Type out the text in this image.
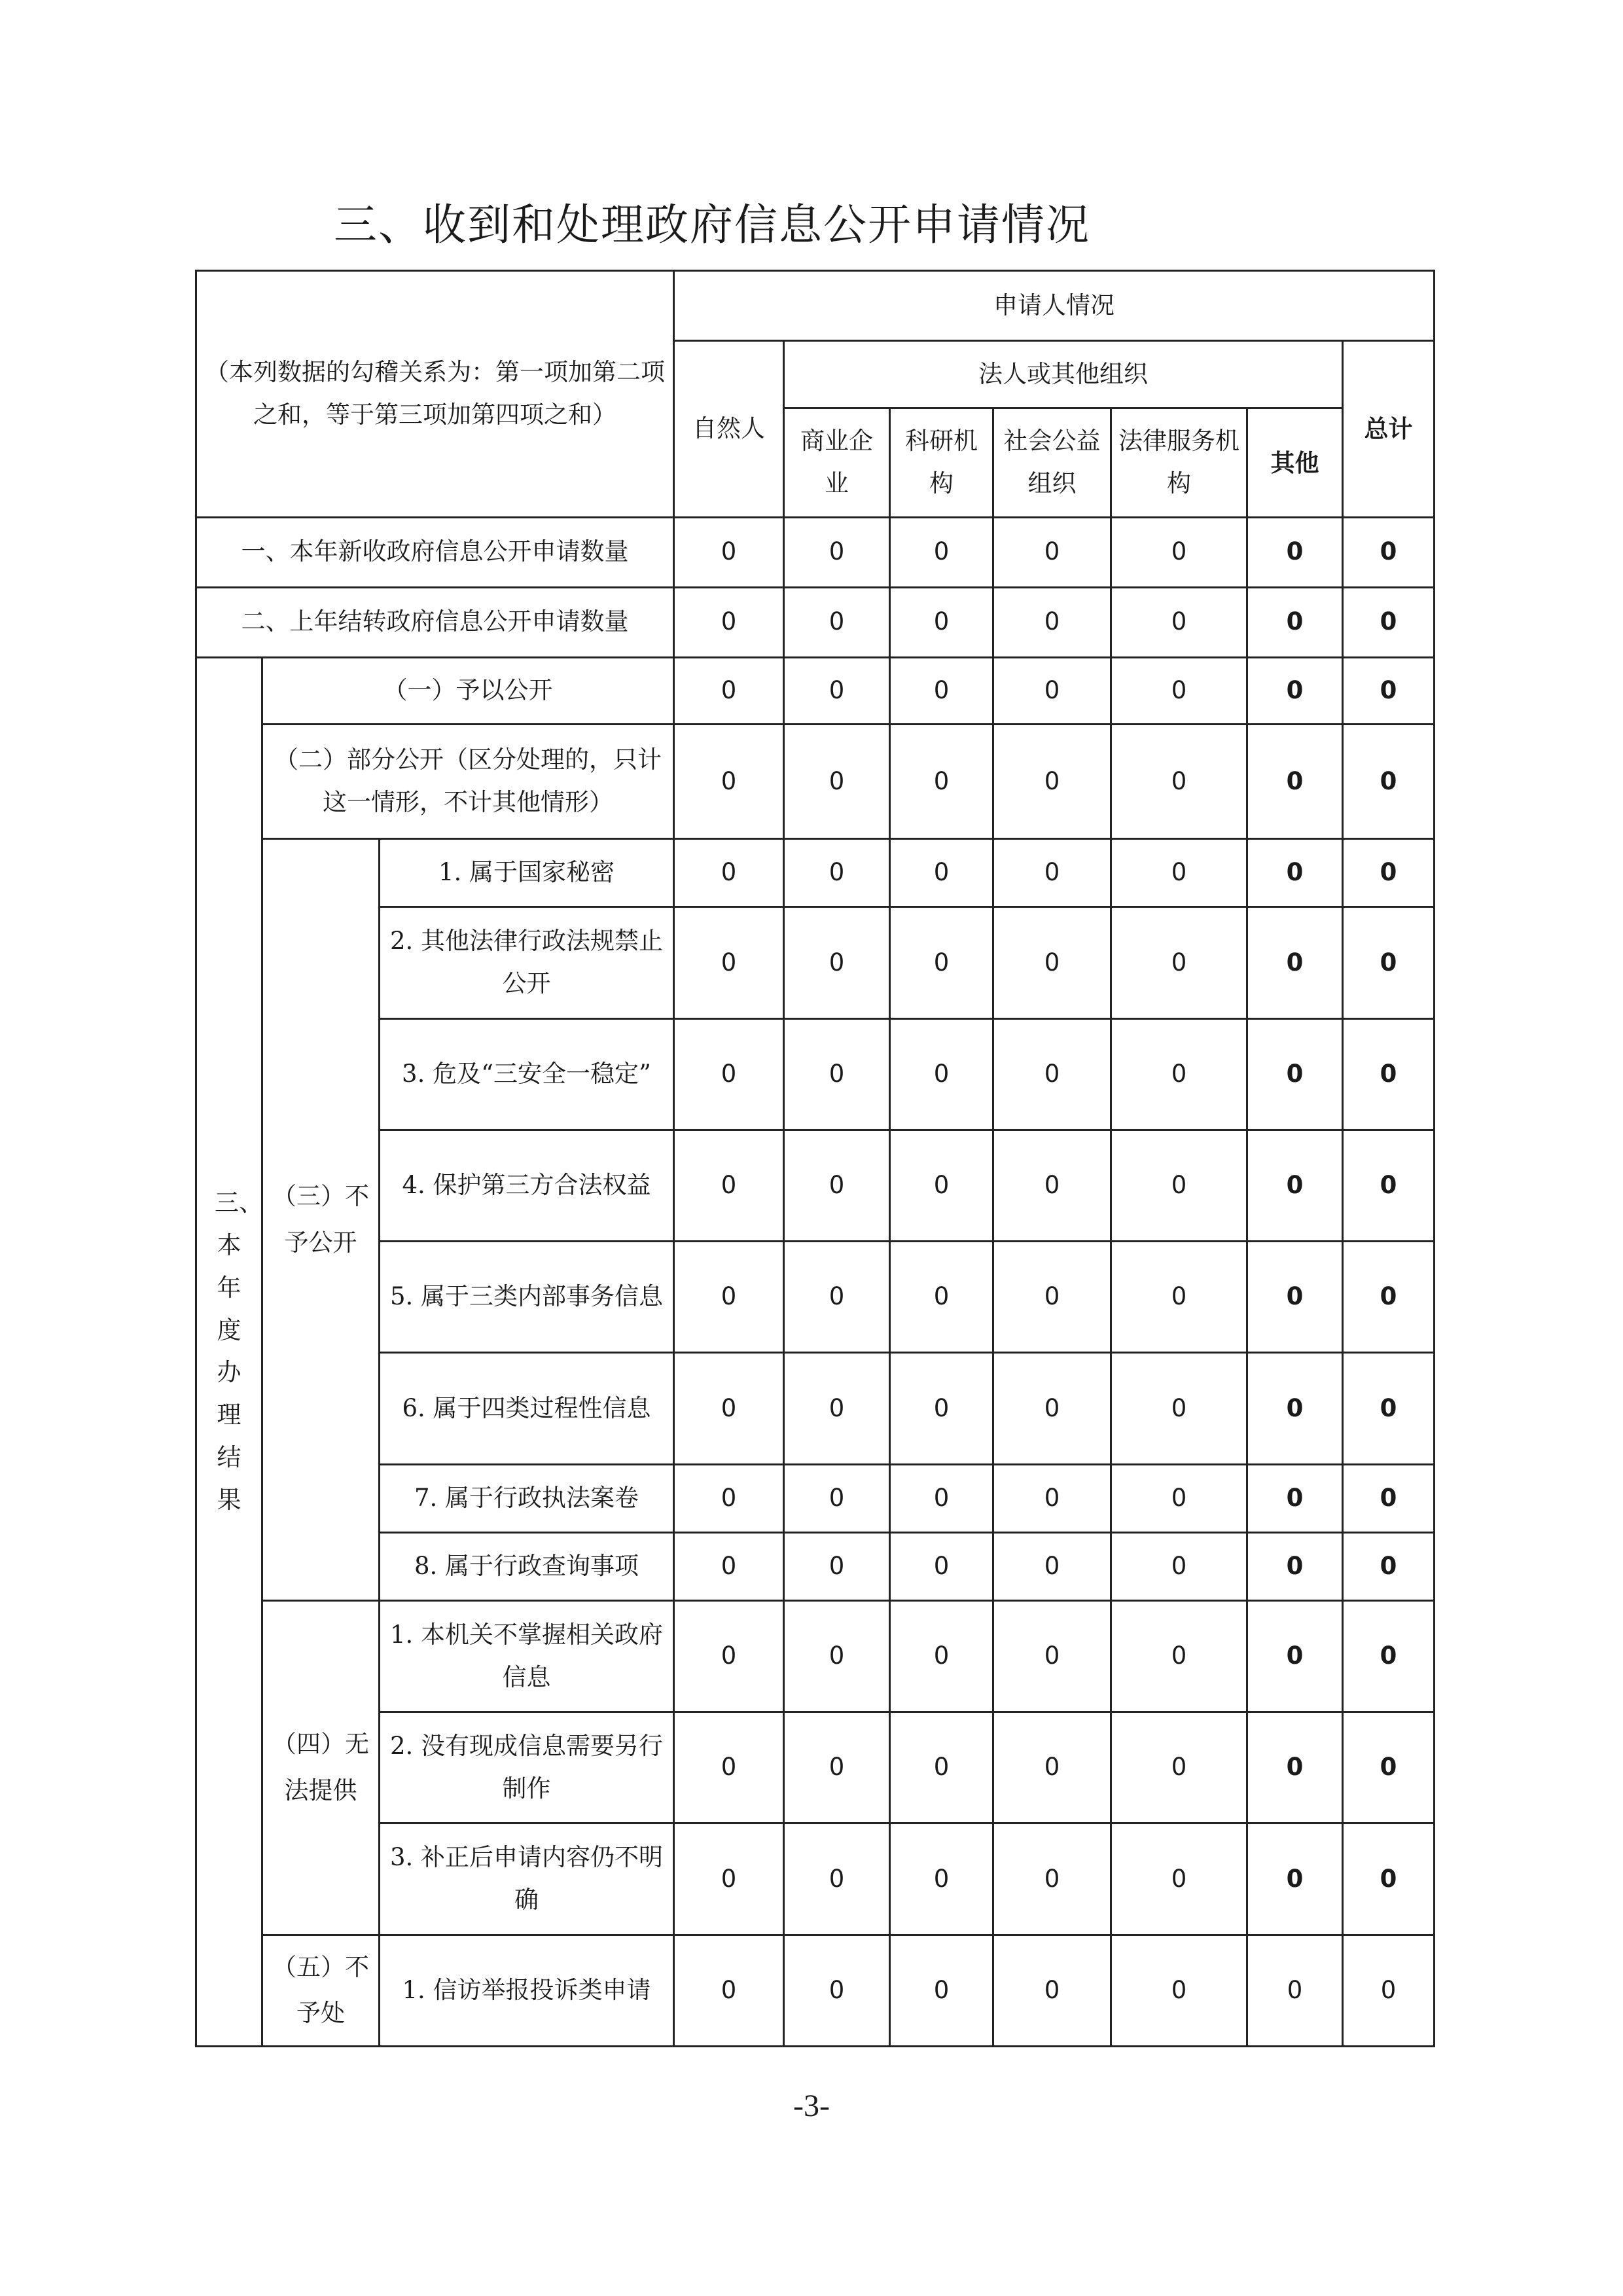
三、收到和处理政府信息公开申请情况
（本列数据的勾稽关系为：第一项加第二项之和，等于第三项加第四项之和）			申请人情况						
			自然人	法人或其他组织					总计
				商业企业	科研机构	社会公益组织	法律服务机构	其他	
一、本年新收政府信息公开申请数量			0	0	0	0	0	0	0
二、上年结转政府信息公开申请数量			0	0	0	0	0	0	0
三、本年度办理结果	（一）予以公开		0	0	0	0	0	0	0
	（二）部分公开（区分处理的，只计这一情形，不计其他情形）		0	0	0	0	0	0	0
	（三）不予公开	1. 属于国家秘密	0	0	0	0	0	0	0
		2. 其他法律行政法规禁止公开	0	0	0	0	0	0	0
		3. 危及“三安全一稳定”	0	0	0	0	0	0	0
		4. 保护第三方合法权益	0	0	0	0	0	0	0
		5. 属于三类内部事务信息	0	0	0	0	0	0	0
		6. 属于四类过程性信息	0	0	0	0	0	0	0
		7. 属于行政执法案卷	0	0	0	0	0	0	0
		8. 属于行政查询事项	0	0	0	0	0	0	0
	（四）无法提供	1. 本机关不掌握相关政府信息	0	0	0	0	0	0	0
		2. 没有现成信息需要另行制作	0	0	0	0	0	0	0
		3. 补正后申请内容仍不明确	0	0	0	0	0	0	0
	（五）不予处	1. 信访举报投诉类申请	0	0	0	0	0	0	0
-3-
